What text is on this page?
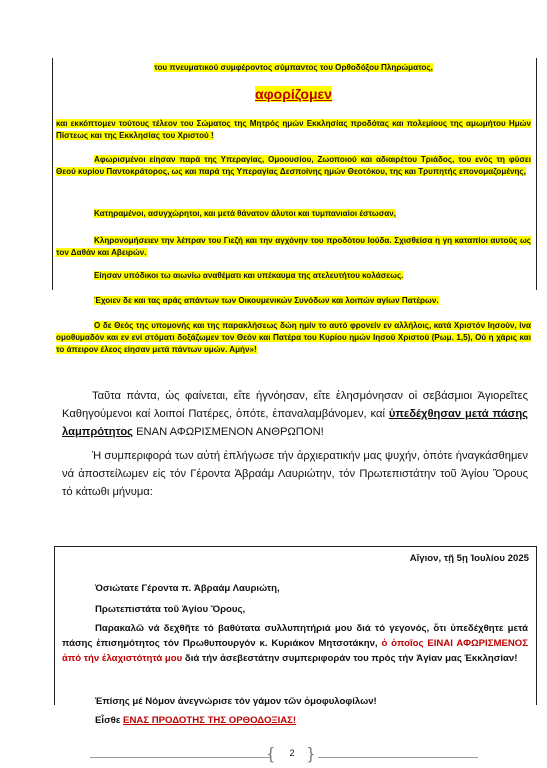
του πνευματικού συμφέροντος σύμπαντος του Ορθοδόξου Πληρώματος,

αφορίζομεν

και εκκόπτομεν τούτους τέλεον του Σώματος της Μητρός ημών Εκκλησίας προδότας και πολεμίους της αμωμήτου Ημών Πίστεως και της Εκκλησίας του Χριστού !

Αφωρισμένοι είησαν παρά της Υπεραγίας, Ομοουσίου, Ζωοποιού και αδιαιρέτου Τριάδος, του ενός τη φύσει Θεού κυρίου Παντοκράτορος, ως και παρά της Υπεραγίας Δεσποίνης ημών Θεοτόκου, της και Τρυπητής επονομαζομένης,

Κατηραμένοι, ασυγχώρητοι, και μετά θάνατον άλυτοι και τυμπανιαίοι έστωσαν,

Κληρονομήσειεν την λέπραν του Γιεζή και την αγχόνην του προδότου Ιούδα. Σχισθείσα η γη καταπίοι αυτούς ως τον Δαθάν και Αβειρών.

Είησαν υπόδικοι τω αιωνίω αναθέματι και υπέκαυμα της ατελευτήτου κολάσεως.

Έχοιεν δε και τας αράς απάντων των Οικουμενικών Συνόδων και λοιπών αγίων Πατέρων.

Ο δε Θεός της υπομονής και της παρακλήσεως δώη ημίν το αυτό φρονείν εν αλλήλοις, κατά Χριστόν Ιησούν, ίνα ομοθυμαδόν και εν ενί στόματι δοξάζωμεν τον Θεόν και Πατέρα του Κυρίου ημών Ιησού Χριστού (Ρωμ. 1,5), Ού η χάρις και το άπειρον έλεος είησαν μετά πάντων υμών. Αμήν»!

Ταῦτα πάντα, ὡς φαίνεται, εἴτε ἠγνόησαν, εἴτε ἐλησμόνησαν οἱ σεβάσμιοι Ἁγιορεῖτες Καθηγούμενοι καί λοιποί Πατέρες, ὁπότε, ἐπαναλαμβάνομεν, καί ὑπεδέχθησαν μετά πάσης λαμπρότητος ΕΝΑΝ ΑΦΩΡΙΣΜΕΝΟΝ ΑΝΘΡΩΠΟΝ!

Ἡ συμπεριφορά των αὐτή ἐπλήγωσε τήν ἀρχιερατικήν μας ψυχήν, ὁπότε ἠναγκάσθημεν νά ἀποστείλωμεν εἰς τόν Γέροντα Ἀβραάμ Λαυριώτην, τόν Πρωτεπιστάτην τοῦ Ἁγίου Ὄρους τό κάτωθι μήνυμα:

Αἴγιον, τῇ 5ῃ Ἰουλίου 2025

Ὁσιώτατε Γέροντα π. Ἀβραάμ Λαυριώτη,

Πρωτεπιστάτα τοῦ Ἁγίου Ὄρους,

Παρακαλῶ νά δεχθῆτε τό βαθύτατα συλλυπητήριά μου διά τό γεγονός, ὅτι ὑπεδέχθητε μετά πάσης ἐπισημότητος τόν Πρωθυπουργόν κ. Κυριάκον Μητσοτάκην, ὁ ὁποῖος ΕΙΝΑΙ ΑΦΩΡΙΣΜΕΝΟΣ ἀπό τήν ἐλαχιστότητά μου διά τήν ἀσεβεστάτην συμπεριφοράν του πρός τήν Ἁγίαν μας Ἐκκλησίαν!

Ἐπίσης μέ Νόμον ἀνεγνώρισε τόν γάμον τῶν ὁμοφυλοφίλων!

Εἶσθε ΕΝΑΣ ΠΡΟΔΟΤΗΣ ΤΗΣ ΟΡΘΟΔΟΞΙΑΣ!

{	2 }
